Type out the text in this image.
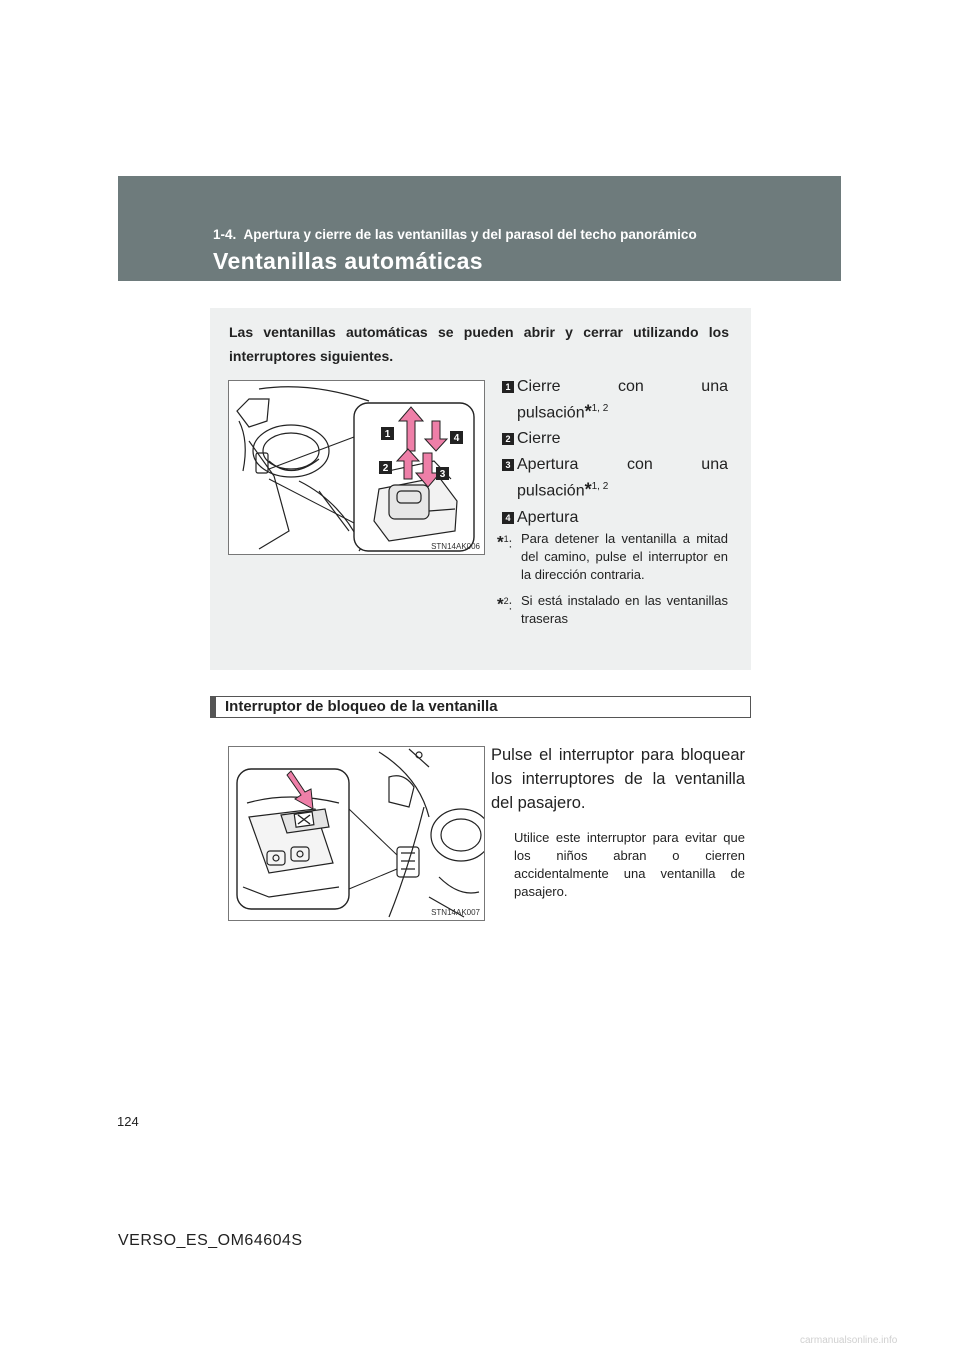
1-4. Apertura y cierre de las ventanillas y del parasol del techo panorámico
Ventanillas automáticas
Las ventanillas automáticas se pueden abrir y cerrar utilizando los interruptores siguientes.
1	4
2
3
STN14AK006
1 Cierre con una
pulsación*$^{1, 2}$
2 Cierre
3 Apertura con una
pulsación*$^{1, 2}$
4 Apertura
*$^1$: Para detener la ventanilla a mitad del camino, pulse el interruptor en la dirección contraria.
*$^2$: Si está instalado en las ventanillas traseras
Interruptor de bloqueo de la ventanilla
STN14AK007
Pulse el interruptor para bloquear los interruptores de la ventanilla del pasajero.
Utilice este interruptor para evitar que los niños abran o cierren accidentalmente una ventanilla de pasajero.
124
VERSO_ES_OM64604S
carmanualsonline.info
